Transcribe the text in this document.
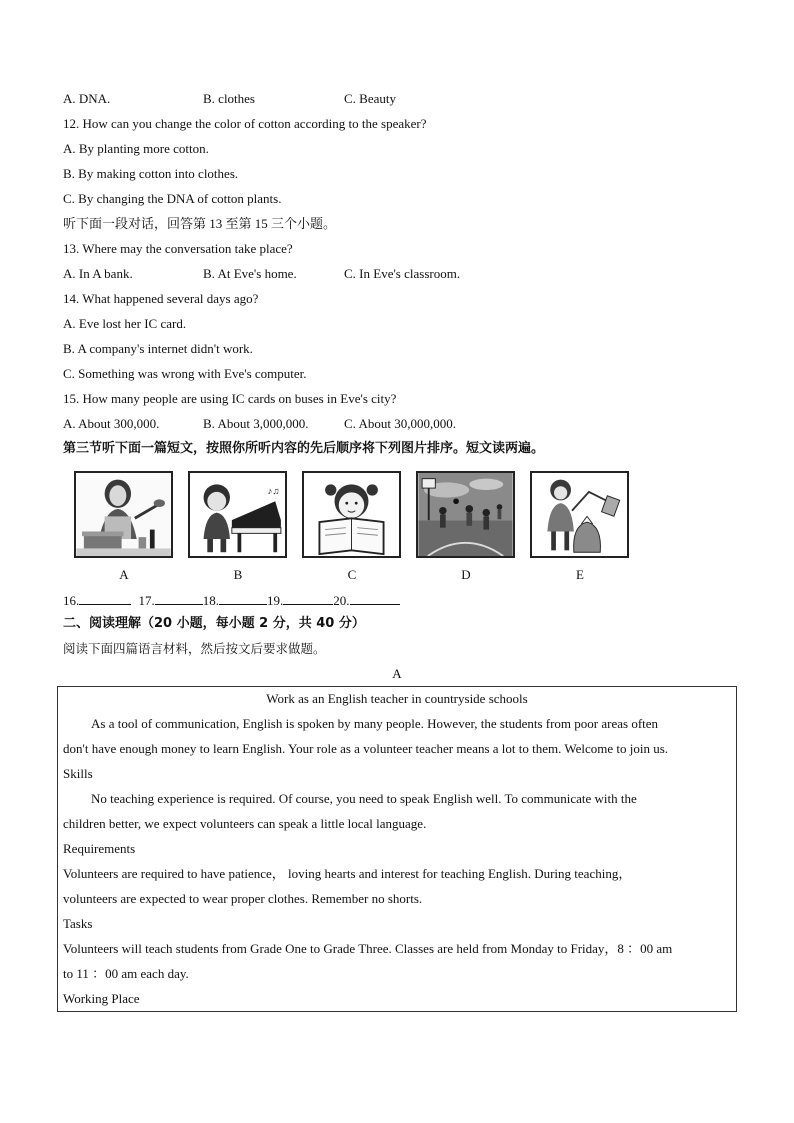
A. DNA.	B. clothes	C. Beauty
12. How can you change the color of cotton according to the speaker?
A. By planting more cotton.
B. By making cotton into clothes.
C. By changing the DNA of cotton plants.
听下面一段对话，回答第 13 至第 15 三个小题。
13. Where may the conversation take place?
A. In A bank.	B. At Eve's home.	C. In Eve's classroom.
14. What happened several days ago?
A. Eve lost her IC card.
B. A company's internet didn't work.
C. Something was wrong with Eve's computer.
15. How many people are using IC cards on buses in Eve's city?
A. About 300,000.	B. About 3,000,000.	C. About 30,000,000.
第三节听下面一篇短文，按照你所听内容的先后顺序将下列图片排序。短文读两遍。
♪♫
A	B	C	D	E
16.	17.	18.	19.	20.
二、阅读理解（20 小题，每小题 2 分，共 40 分）
阅读下面四篇语言材料，然后按文后要求做题。
A
Work as an English teacher in countryside schools
As a tool of communication, English is spoken by many people. However, the students from poor areas often
don't have enough money to learn English. Your role as a volunteer teacher means a lot to them. Welcome to join us.
Skills
No teaching experience is required. Of course, you need to speak English well. To communicate with the
children better, we expect volunteers can speak a little local language.
Requirements
Volunteers are required to have patience， loving hearts and interest for teaching English. During teaching，
volunteers are expected to wear proper clothes. Remember no shorts.
Tasks
Volunteers will teach students from Grade One to Grade Three. Classes are held from Monday to Friday，8 ：00 am
to 11 ：00 am each day.
Working Place
